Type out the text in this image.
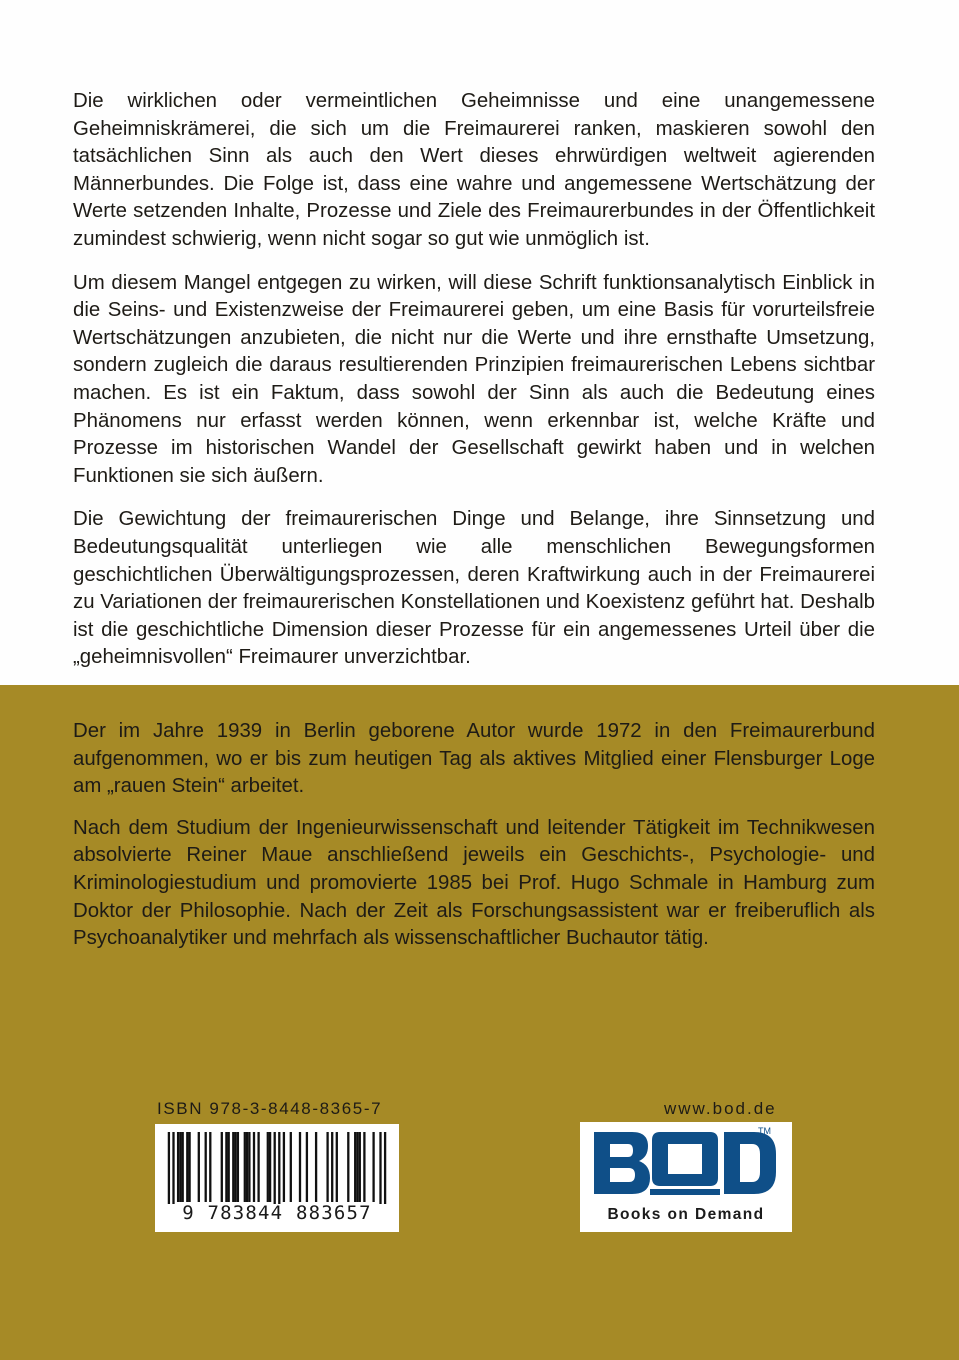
Die wirklichen oder vermeintlichen Geheimnisse und eine unangemessene Geheimniskrämerei, die sich um die Freimaurerei ranken, maskieren sowohl den tatsächlichen Sinn als auch den Wert dieses ehrwürdigen weltweit agierenden Männerbundes. Die Folge ist, dass eine wahre und angemessene Wertschätzung der Werte setzenden Inhalte, Prozesse und Ziele des Freimaurerbundes in der Öffentlichkeit zumindest schwierig, wenn nicht sogar so gut wie unmöglich ist.

Um diesem Mangel entgegen zu wirken, will diese Schrift funktionsanalytisch Einblick in die Seins- und Existenzweise der Freimaurerei geben, um eine Basis für vorurteilsfreie Wertschätzungen anzubieten, die nicht nur die Werte und ihre ernsthafte Umsetzung, sondern zugleich die daraus resultierenden Prinzipien freimaurerischen Lebens sichtbar machen. Es ist ein Faktum, dass sowohl der Sinn als auch die Bedeutung eines Phänomens nur erfasst werden können, wenn erkennbar ist, welche Kräfte und Prozesse im historischen Wandel der Gesellschaft gewirkt haben und in welchen Funktionen sie sich äußern.

Die Gewichtung der freimaurerischen Dinge und Belange, ihre Sinnsetzung und Bedeutungsqualität unterliegen wie alle menschlichen Bewegungsformen geschichtlichen Überwältigungsprozessen, deren Kraftwirkung auch in der Freimaurerei zu Variationen der freimaurerischen Konstellationen und Koexistenz geführt hat. Deshalb ist die geschichtliche Dimension dieser Prozesse für ein angemessenes Urteil über die „geheimnisvollen“ Freimaurer unverzichtbar.

Der im Jahre 1939 in Berlin geborene Autor wurde 1972 in den Freimaurerbund aufgenommen, wo er bis zum heutigen Tag als aktives Mitglied einer Flensburger Loge am „rauen Stein“ arbeitet.

Nach dem Studium der Ingenieurwissenschaft und leitender Tätigkeit im Technikwesen absolvierte Reiner Maue anschließend jeweils ein Geschichts-, Psychologie- und Kriminologiestudium und promovierte 1985 bei Prof. Hugo Schmale in Hamburg zum Doktor der Philosophie. Nach der Zeit als Forschungsassistent war er freiberuflich als Psychoanalytiker und mehrfach als wissenschaftlicher Buchautor tätig.

ISBN 978-3-8448-8365-7	www.bod.de
9 783844 883657
TM
Books on Demand
